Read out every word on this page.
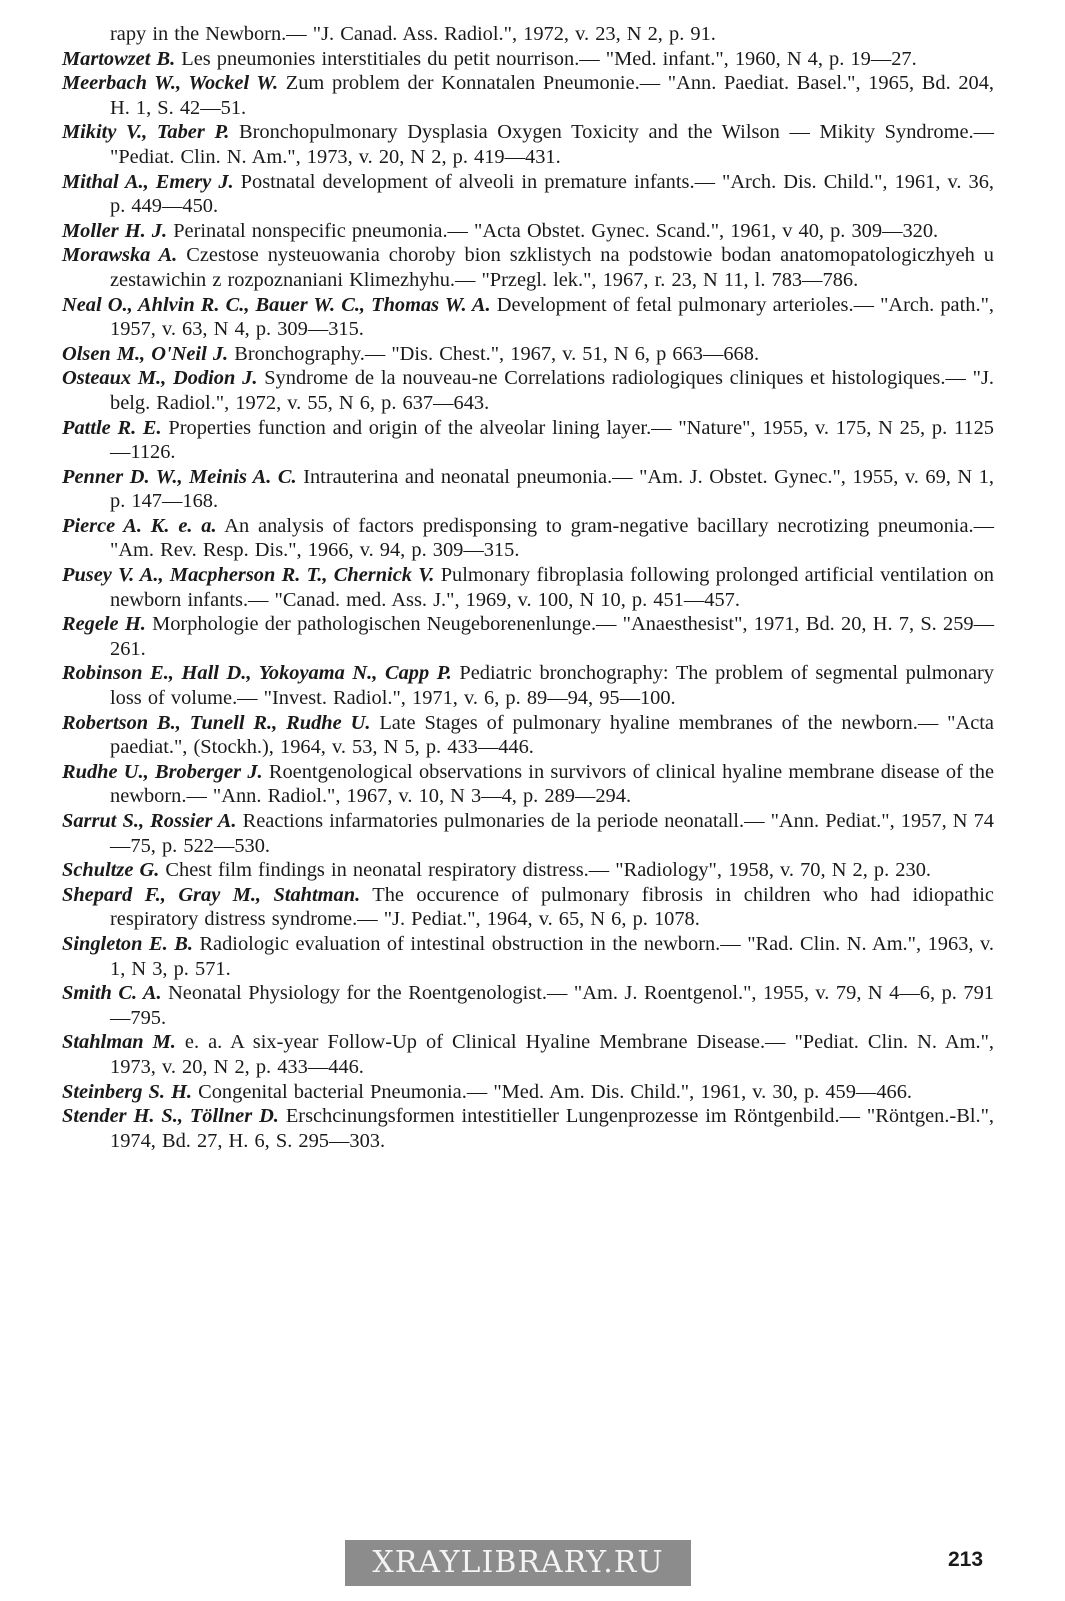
rapy in the Newborn.— "J. Canad. Ass. Radiol.", 1972, v. 23, N 2, p. 91.

Martowzet B. Les pneumonies interstitiales du petit nourrison.— "Med. infant.", 1960, N 4, p. 19—27.

Meerbach W., Wockel W. Zum problem der Konnatalen Pneumonie.— "Ann. Paediat. Basel.", 1965, Bd. 204, H. 1, S. 42—51.

Mikity V., Taber P. Bronchopulmonary Dysplasia Oxygen Toxicity and the Wilson — Mikity Syndrome.— "Pediat. Clin. N. Am.", 1973, v. 20, N 2, p. 419—431.

Mithal A., Emery J. Postnatal development of alveoli in premature infants.— "Arch. Dis. Child.", 1961, v. 36, p. 449—450.

Moller H. J. Perinatal nonspecific pneumonia.— "Acta Obstet. Gynec. Scand.", 1961, v 40, p. 309—320.

Morawska A. Czestose nysteuowania choroby bion szklistych na podstowie bodan anatomopatologiczhyeh u zestawichin z rozpoznaniani Klimezhyhu.— "Przegl. lek.", 1967, r. 23, N 11, l. 783—786.

Neal O., Ahlvin R. C., Bauer W. C., Thomas W. A. Development of fetal pulmonary arterioles.— "Arch. path.", 1957, v. 63, N 4, p. 309—315.

Olsen M., O'Neil J. Bronchography.— "Dis. Chest.", 1967, v. 51, N 6, p 663—668.

Osteaux M., Dodion J. Syndrome de la nouveau-ne Correlations radiologiques cliniques et histologiques.— "J. belg. Radiol.", 1972, v. 55, N 6, p. 637—643.

Pattle R. E. Properties function and origin of the alveolar lining layer.— "Nature", 1955, v. 175, N 25, p. 1125—1126.

Penner D. W., Meinis A. C. Intrauterina and neonatal pneumonia.— "Am. J. Obstet. Gynec.", 1955, v. 69, N 1, p. 147—168.

Pierce A. K. e. a. An analysis of factors predisponsing to gram-negative bacillary necrotizing pneumonia.— "Am. Rev. Resp. Dis.", 1966, v. 94, p. 309—315.

Pusey V. A., Macpherson R. T., Chernick V. Pulmonary fibroplasia following prolonged artificial ventilation on newborn infants.— "Canad. med. Ass. J.", 1969, v. 100, N 10, p. 451—457.

Regele H. Morphologie der pathologischen Neugeborenenlunge.— "Anaesthesist", 1971, Bd. 20, H. 7, S. 259—261.

Robinson E., Hall D., Yokoyama N., Capp P. Pediatric bronchography: The problem of segmental pulmonary loss of volume.— "Invest. Radiol.", 1971, v. 6, p. 89—94, 95—100.

Robertson B., Tunell R., Rudhe U. Late Stages of pulmonary hyaline membranes of the newborn.— "Acta paediat.", (Stockh.), 1964, v. 53, N 5, p. 433—446.

Rudhe U., Broberger J. Roentgenological observations in survivors of clinical hyaline membrane disease of the newborn.— "Ann. Radiol.", 1967, v. 10, N 3—4, p. 289—294.

Sarrut S., Rossier A. Reactions infarmatories pulmonaries de la periode neonatall.— "Ann. Pediat.", 1957, N 74—75, p. 522—530.

Schultze G. Chest film findings in neonatal respiratory distress.— "Radiology", 1958, v. 70, N 2, p. 230.

Shepard F., Gray M., Stahtman. The occurence of pulmonary fibrosis in children who had idiopathic respiratory distress syndrome.— "J. Pediat.", 1964, v. 65, N 6, p. 1078.

Singleton E. B. Radiologic evaluation of intestinal obstruction in the newborn.— "Rad. Clin. N. Am.", 1963, v. 1, N 3, p. 571.

Smith C. A. Neonatal Physiology for the Roentgenologist.— "Am. J. Roentgenol.", 1955, v. 79, N 4—6, p. 791—795.

Stahlman M. e. a. A six-year Follow-Up of Clinical Hyaline Membrane Disease.— "Pediat. Clin. N. Am.", 1973, v. 20, N 2, p. 433—446.

Steinberg S. H. Congenital bacterial Pneumonia.— "Med. Am. Dis. Child.", 1961, v. 30, p. 459—466.

Stender H. S., Töllner D. Erschcinungsformen intestitieller Lungenprozesse im Röntgenbild.— "Röntgen.-Bl.", 1974, Bd. 27, H. 6, S. 295—303.

XRAYLIBRARY.RU	213
